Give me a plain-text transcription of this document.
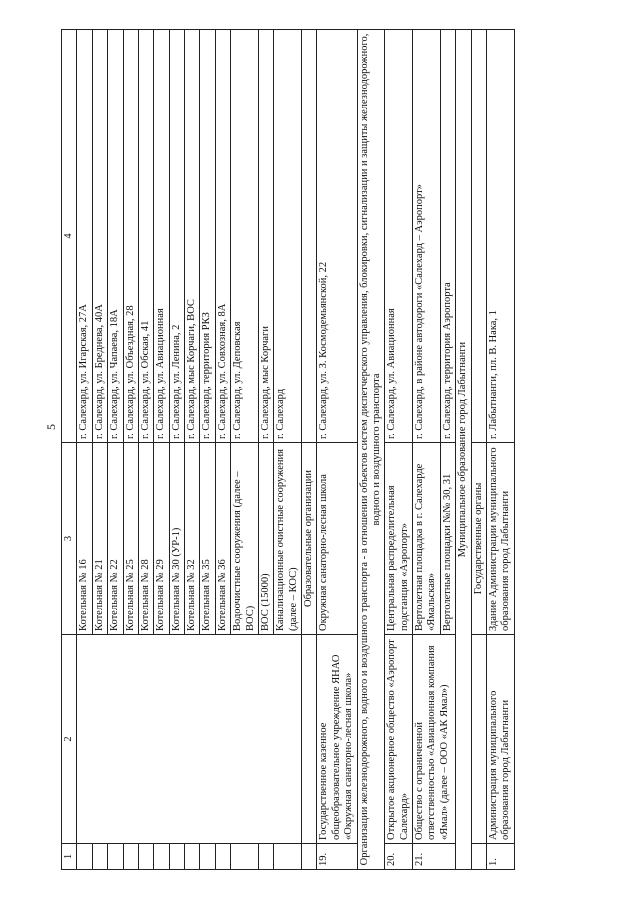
5
1	2	3	4
		Котельная № 16	г. Салехард, ул. Игарская, 27А
		Котельная № 21	г. Салехард, ул. Бреднева, 40А
		Котельная № 22	г. Салехард, ул. Чапаева, 18А
		Котельная № 25	г. Салехард, ул. Объездная, 28
		Котельная № 28	г. Салехард, ул. Обская, 41
		Котельная № 29	г. Салехард, ул. Авиационная
		Котельная № 30 (УР-1)	г. Салехард, ул. Ленина, 2
		Котельная № 32	г. Салехард, мыс Корчаги, ВОС
		Котельная № 35	г. Салехард, территория РКЗ
		Котельная № 36	г. Салехард, ул. Совхозная, 8А
		Водоочистные сооружения (далее – ВОС)	г. Салехард, ул. Деповская
		ВОС (15000)	г. Салехард, мыс Корчаги
		Канализационные очистные сооружения (далее – КОС)	г. Салехард
		Образовательные организации	
19.	Государственное казенное общеобразовательное учреждение ЯНАО «Окружная санаторно-лесная школа»	Окружная санаторно-лесная школа	г. Салехард, ул. З. Космодемьянской, 22
Организации железнодорожного, водного и воздушного транспорта - в отношении объектов систем диспетчерского управления, блокировки, сигнализации и защиты железнодорожного, водного и воздушного транспорта			
20.	Открытое акционерное общество «Аэропорт Салехард»	Центральная распределительная подстанция «Аэропорт»	г. Салехард, ул. Авиационная
21.	Общество с ограниченной ответственностью «Авиационная компания «Ямал» (далее – ООО «АК Ямал»)	Вертолетная площадка в г. Салехарде «Ямальская»	г. Салехард, в районе автодороги «Салехард – Аэропорт»
		Вертолетные площадки №№ 30, 31	г. Салехард, территория Аэропорта
Муниципальное образование город Лабытнанги			
		Государственные органы	
1.	Администрация муниципального образования город Лабытнанги	Здание Администрации муниципального образования город Лабытнанги	г. Лабытнанги, пл. В. Нака, 1
